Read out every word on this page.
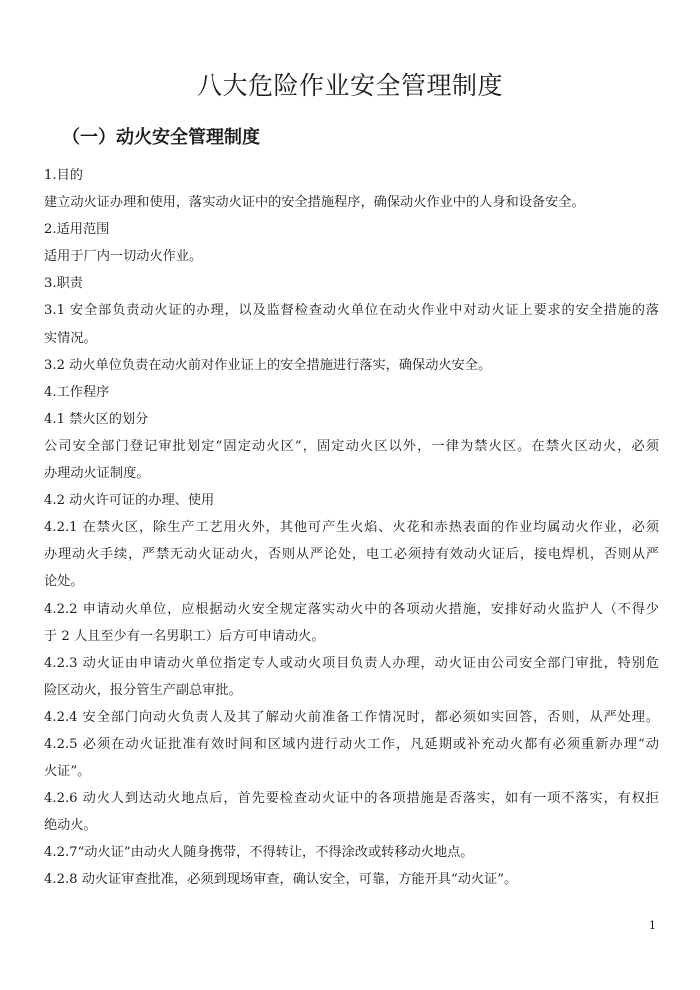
八大危险作业安全管理制度
（一）动火安全管理制度
1.目的
建立动火证办理和使用，落实动火证中的安全措施程序，确保动火作业中的人身和设备安全。
2.适用范围
适用于厂内一切动火作业。
3.职责
3.1 安全部负责动火证的办理，以及监督检查动火单位在动火作业中对动火证上要求的安全措施的落
实情况。
3.2 动火单位负责在动火前对作业证上的安全措施进行落实，确保动火安全。
4.工作程序
4.1 禁火区的划分
公司安全部门登记审批划定“固定动火区”，固定动火区以外，一律为禁火区。在禁火区动火，必须
办理动火证制度。
4.2 动火许可证的办理、使用
4.2.1 在禁火区，除生产工艺用火外，其他可产生火焰、火花和赤热表面的作业均属动火作业，必须
办理动火手续，严禁无动火证动火，否则从严论处，电工必须持有效动火证后，接电焊机，否则从严
论处。
4.2.2 申请动火单位，应根据动火安全规定落实动火中的各项动火措施，安排好动火监护人（不得少
于 2 人且至少有一名男职工）后方可申请动火。
4.2.3 动火证由申请动火单位指定专人或动火项目负责人办理，动火证由公司安全部门审批，特别危
险区动火，报分管生产副总审批。
4.2.4 安全部门向动火负责人及其了解动火前准备工作情况时，都必须如实回答，否则，从严处理。
4.2.5 必须在动火证批准有效时间和区域内进行动火工作，凡延期或补充动火都有必须重新办理“动
火证”。
4.2.6 动火人到达动火地点后，首先要检查动火证中的各项措施是否落实，如有一项不落实，有权拒
绝动火。
4.2.7“动火证”由动火人随身携带，不得转让，不得涂改或转移动火地点。
4.2.8 动火证审查批准，必须到现场审查，确认安全，可靠，方能开具“动火证”。
1
